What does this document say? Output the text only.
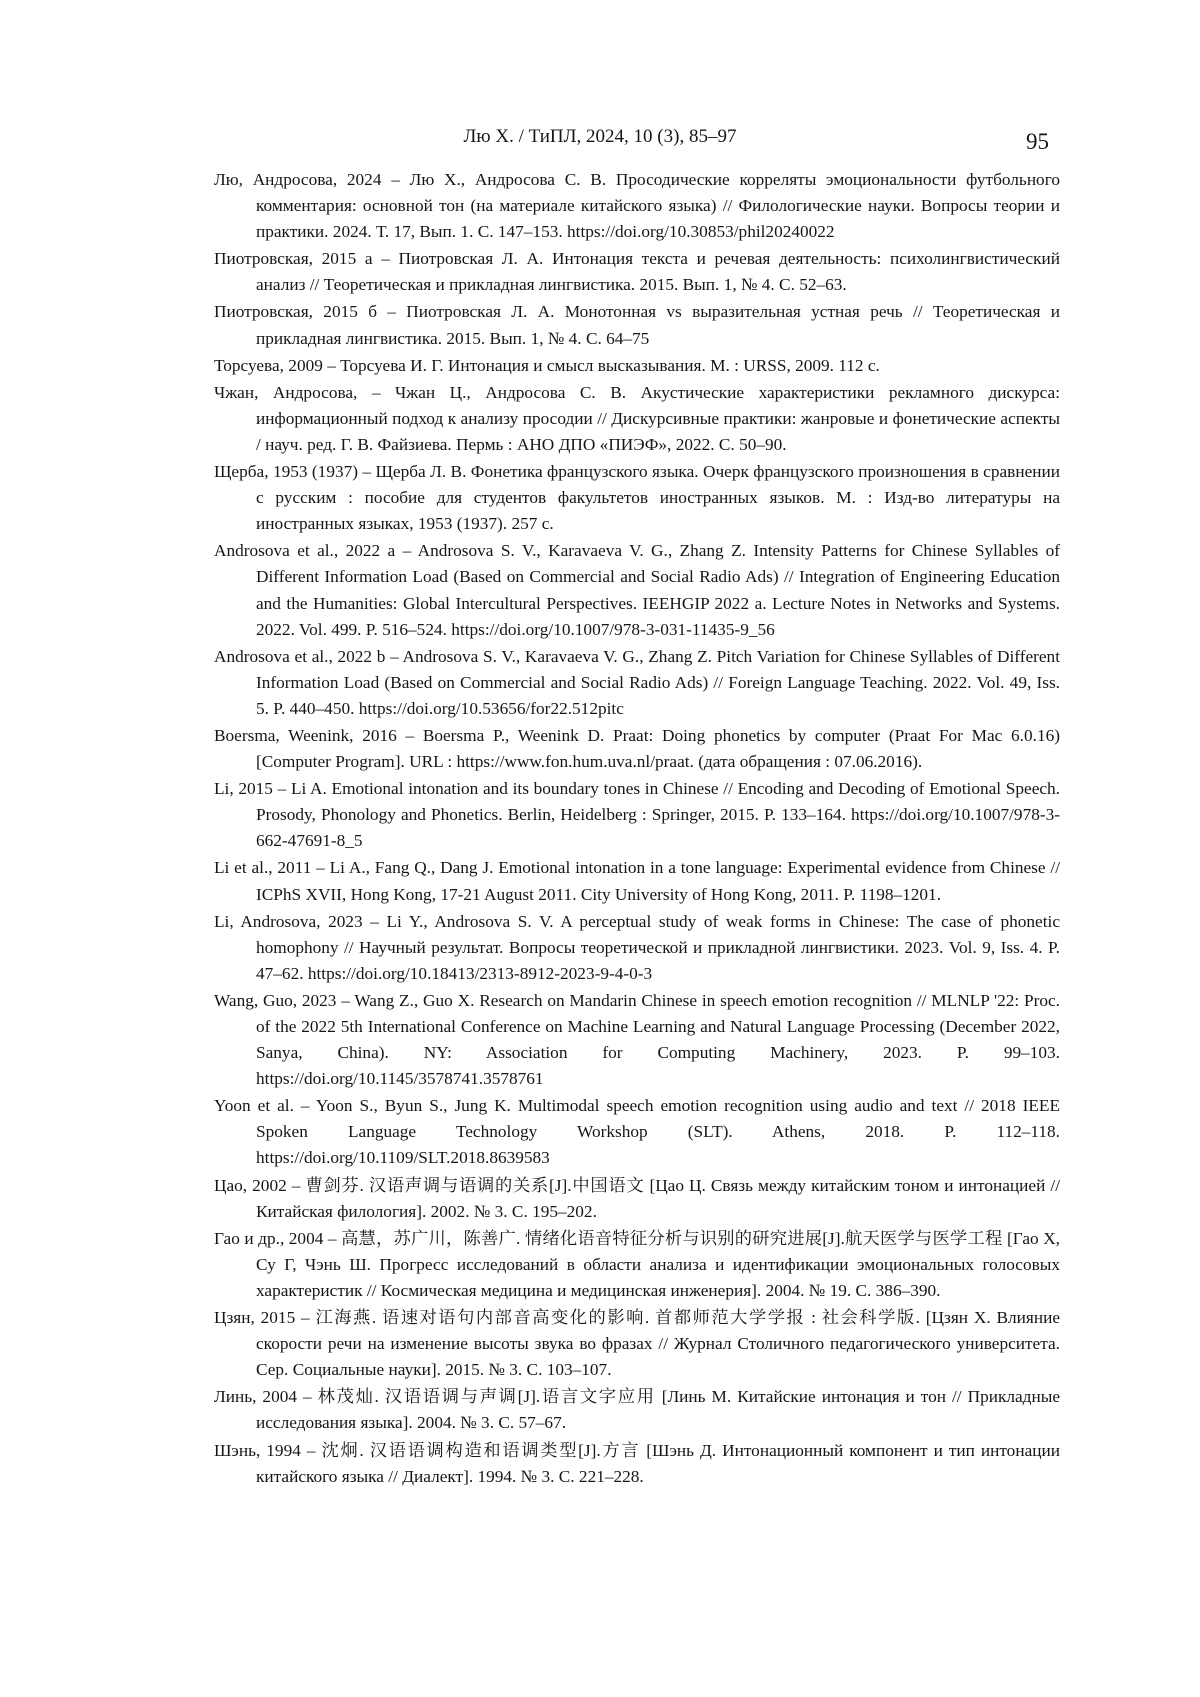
Лю Х. / ТиПЛ, 2024, 10 (3), 85–97	95
Лю, Андросова, 2024 – Лю Х., Андросова С. В. Просодические корреляты эмоциональности футбольного комментария: основной тон (на материале китайского языка) // Филологические науки. Вопросы теории и практики. 2024. Т. 17, Вып. 1. С. 147–153. https://doi.org/10.30853/phil20240022
Пиотровская, 2015 а – Пиотровская Л. А. Интонация текста и речевая деятельность: психолингвистический анализ // Теоретическая и прикладная лингвистика. 2015. Вып. 1, № 4. С. 52–63.
Пиотровская, 2015 б – Пиотровская Л. А. Монотонная vs выразительная устная речь // Теоретическая и прикладная лингвистика. 2015. Вып. 1, № 4. С. 64–75
Торсуева, 2009 – Торсуева И. Г. Интонация и смысл высказывания. М. : URSS, 2009. 112 с.
Чжан, Андросова, – Чжан Ц., Андросова С. В. Акустические характеристики рекламного дискурса: информационный подход к анализу просодии // Дискурсивные практики: жанровые и фонетические аспекты / науч. ред. Г. В. Файзиева. Пермь : АНО ДПО «ПИЭФ», 2022. С. 50–90.
Щерба, 1953 (1937) – Щерба Л. В. Фонетика французского языка. Очерк французского произношения в сравнении с русским : пособие для студентов факультетов иностранных языков. М. : Изд-во литературы на иностранных языках, 1953 (1937). 257 с.
Androsova et al., 2022 a – Androsova S. V., Karavaeva V. G., Zhang Z. Intensity Patterns for Chinese Syllables of Different Information Load (Based on Commercial and Social Radio Ads) // Integration of Engineering Education and the Humanities: Global Intercultural Perspectives. IEEHGIP 2022 a. Lecture Notes in Networks and Systems. 2022. Vol. 499. P. 516–524. https://doi.org/10.1007/978-3-031-11435-9_56
Androsova et al., 2022 b – Androsova S. V., Karavaeva V. G., Zhang Z. Pitch Variation for Chinese Syllables of Different Information Load (Based on Commercial and Social Radio Ads) // Foreign Language Teaching. 2022. Vol. 49, Iss. 5. P. 440–450. https://doi.org/10.53656/for22.512pitc
Boersma, Weenink, 2016 – Boersma P., Weenink D. Praat: Doing phonetics by computer (Praat For Mac 6.0.16) [Computer Program]. URL : https://www.fon.hum.uva.nl/praat. (дата обращения : 07.06.2016).
Li, 2015 – Li A. Emotional intonation and its boundary tones in Chinese // Encoding and Decoding of Emotional Speech. Prosody, Phonology and Phonetics. Berlin, Heidelberg : Springer, 2015. P. 133–164. https://doi.org/10.1007/978-3-662-47691-8_5
Li et al., 2011 – Li A., Fang Q., Dang J. Emotional intonation in a tone language: Experimental evidence from Chinese // ICPhS XVII, Hong Kong, 17-21 August 2011. City University of Hong Kong, 2011. P. 1198–1201.
Li, Androsova, 2023 – Li Y., Androsova S. V. A perceptual study of weak forms in Chinese: The case of phonetic homophony // Научный результат. Вопросы теоретической и прикладной лингвистики. 2023. Vol. 9, Iss. 4. P. 47–62. https://doi.org/10.18413/2313-8912-2023-9-4-0-3
Wang, Guo, 2023 – Wang Z., Guo X. Research on Mandarin Chinese in speech emotion recognition // MLNLP '22: Proc. of the 2022 5th International Conference on Machine Learning and Natural Language Processing (December 2022, Sanya, China). NY: Association for Computing Machinery, 2023. P. 99–103. https://doi.org/10.1145/3578741.3578761
Yoon et al. – Yoon S., Byun S., Jung K. Multimodal speech emotion recognition using audio and text // 2018 IEEE Spoken Language Technology Workshop (SLT). Athens, 2018. P. 112–118. https://doi.org/10.1109/SLT.2018.8639583
Цао, 2002 – 曹剑芬. 汉语声调与语调的关系[J].中国语文 [Цао Ц. Связь между китайским тоном и интонацией // Китайская филология]. 2002. № 3. С. 195–202.
Гао и др., 2004 – 高慧，苏广川，陈善广. 情绪化语音特征分析与识别的研究进展[J].航天医学与医学工程 [Гао Х, Су Г, Чэнь Ш. Прогресс исследований в области анализа и идентификации эмоциональных голосовых характеристик // Космическая медицина и медицинская инженерия]. 2004. № 19. С. 386–390.
Цзян, 2015 – 江海燕. 语速对语句内部音高变化的影响. 首都师范大学学报 : 社会科学版. [Цзян Х. Влияние скорости речи на изменение высоты звука во фразах // Журнал Столичного педагогического университета. Сер. Социальные науки]. 2015. № 3. С. 103–107.
Линь, 2004 – 林茂灿. 汉语语调与声调[J].语言文字应用 [Линь М. Китайские интонация и тон // Прикладные исследования языка]. 2004. № 3. С. 57–67.
Шэнь, 1994 – 沈炯. 汉语语调构造和语调类型[J].方言 [Шэнь Д. Интонационный компонент и тип интонации китайского языка // Диалект]. 1994. № 3. С. 221–228.
